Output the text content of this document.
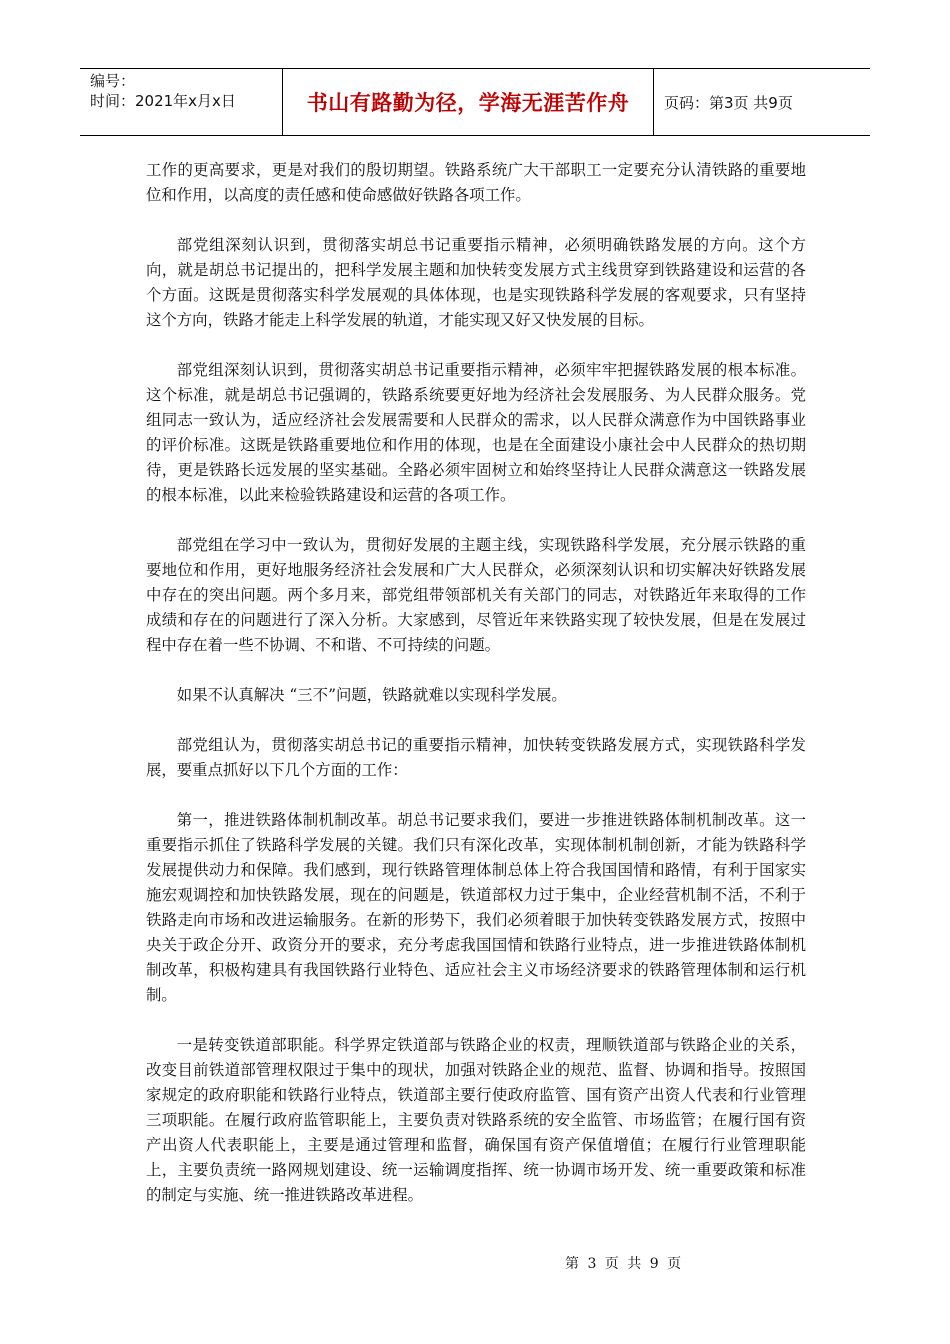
编号：
时间：2021年x月x日	书山有路勤为径，学海无涯苦作舟	页码：第3页 共9页

工作的更高要求，更是对我们的殷切期望。铁路系统广大干部职工一定要充分认清铁路的重要地位和作用，以高度的责任感和使命感做好铁路各项工作。

部党组深刻认识到，贯彻落实胡总书记重要指示精神，必须明确铁路发展的方向。这个方向，就是胡总书记提出的，把科学发展主题和加快转变发展方式主线贯穿到铁路建设和运营的各个方面。这既是贯彻落实科学发展观的具体体现，也是实现铁路科学发展的客观要求，只有坚持这个方向，铁路才能走上科学发展的轨道，才能实现又好又快发展的目标。

部党组深刻认识到，贯彻落实胡总书记重要指示精神，必须牢牢把握铁路发展的根本标准。这个标准，就是胡总书记强调的，铁路系统要更好地为经济社会发展服务、为人民群众服务。党组同志一致认为，适应经济社会发展需要和人民群众的需求，以人民群众满意作为中国铁路事业的评价标准。这既是铁路重要地位和作用的体现，也是在全面建设小康社会中人民群众的热切期待，更是铁路长远发展的坚实基础。全路必须牢固树立和始终坚持让人民群众满意这一铁路发展的根本标准，以此来检验铁路建设和运营的各项工作。

部党组在学习中一致认为，贯彻好发展的主题主线，实现铁路科学发展，充分展示铁路的重要地位和作用，更好地服务经济社会发展和广大人民群众，必须深刻认识和切实解决好铁路发展中存在的突出问题。两个多月来，部党组带领部机关有关部门的同志，对铁路近年来取得的工作成绩和存在的问题进行了深入分析。大家感到，尽管近年来铁路实现了较快发展，但是在发展过程中存在着一些不协调、不和谐、不可持续的问题。

如果不认真解决 “三不”问题，铁路就难以实现科学发展。

部党组认为，贯彻落实胡总书记的重要指示精神，加快转变铁路发展方式，实现铁路科学发展，要重点抓好以下几个方面的工作：

第一，推进铁路体制机制改革。胡总书记要求我们，要进一步推进铁路体制机制改革。这一重要指示抓住了铁路科学发展的关键。我们只有深化改革，实现体制机制创新，才能为铁路科学发展提供动力和保障。我们感到，现行铁路管理体制总体上符合我国国情和路情，有利于国家实施宏观调控和加快铁路发展，现在的问题是，铁道部权力过于集中，企业经营机制不活，不利于铁路走向市场和改进运输服务。在新的形势下，我们必须着眼于加快转变铁路发展方式，按照中央关于政企分开、政资分开的要求，充分考虑我国国情和铁路行业特点，进一步推进铁路体制机制改革，积极构建具有我国铁路行业特色、适应社会主义市场经济要求的铁路管理体制和运行机制。

一是转变铁道部职能。科学界定铁道部与铁路企业的权责，理顺铁道部与铁路企业的关系，改变目前铁道部管理权限过于集中的现状，加强对铁路企业的规范、监督、协调和指导。按照国家规定的政府职能和铁路行业特点，铁道部主要行使政府监管、国有资产出资人代表和行业管理三项职能。在履行政府监管职能上，主要负责对铁路系统的安全监管、市场监管；在履行国有资产出资人代表职能上，主要是通过管理和监督，确保国有资产保值增值；在履行行业管理职能上，主要负责统一路网规划建设、统一运输调度指挥、统一协调市场开发、统一重要政策和标准的制定与实施、统一推进铁路改革进程。

第 3 页 共 9 页
